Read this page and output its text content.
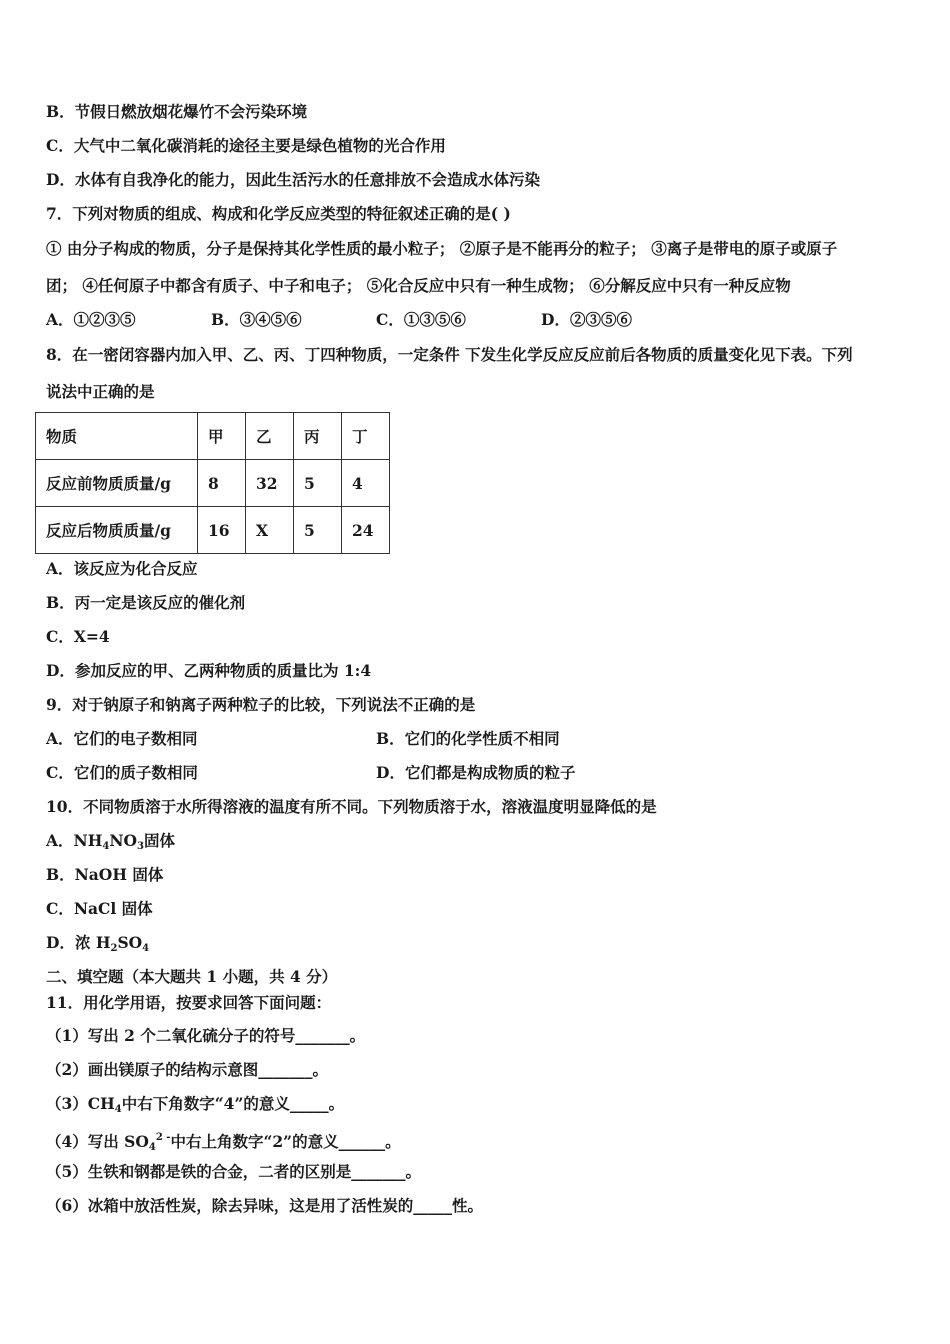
B．节假日燃放烟花爆竹不会污染环境
C．大气中二氧化碳消耗的途径主要是绿色植物的光合作用
D．水体有自我净化的能力，因此生活污水的任意排放不会造成水体污染
7．下列对物质的组成、构成和化学反应类型的特征叙述正确的是( )
① 由分子构成的物质，分子是保持其化学性质的最小粒子； ②原子是不能再分的粒子； ③离子是带电的原子或原子
团； ④任何原子中都含有质子、中子和电子； ⑤化合反应中只有一种生成物； ⑥分解反应中只有一种反应物
A．①②③⑤	B．③④⑤⑥	C．①③⑤⑥	D．②③⑤⑥
8．在一密闭容器内加入甲、乙、丙、丁四种物质，一定条件 下发生化学反应反应前后各物质的质量变化见下表。下列
说法中正确的是
物质	甲	乙	丙	丁
反应前物质质量/g	8	32	5	4
反应后物质质量/g	16	X	5	24
A．该反应为化合反应
B．丙一定是该反应的催化剂
C．X=4
D．参加反应的甲、乙两种物质的质量比为 1:4
9．对于钠原子和钠离子两种粒子的比较，下列说法不正确的是
A．它们的电子数相同	B．它们的化学性质不相同
C．它们的质子数相同	D．它们都是构成物质的粒子
10．不同物质溶于水所得溶液的温度有所不同。下列物质溶于水，溶液温度明显降低的是
A．$NH_4NO_3$固体
B．NaOH 固体
C．NaCl 固体
D．浓 $H_2SO_4$
二、填空题（本大题共 1 小题，共 4 分）
11．用化学用语，按要求回答下面问题：
（1）写出 2 个二氧化硫分子的符号_______。
（2）画出镁原子的结构示意图_______。
$(3)CH_4$中右下角数字“4”的意义_____。
（4）写出 $SO_4^{2 -}$中右上角数字“2”的意义______。
（5）生铁和钢都是铁的合金，二者的区别是_______。
（6）冰箱中放活性炭，除去异味，这是用了活性炭的_____性。
